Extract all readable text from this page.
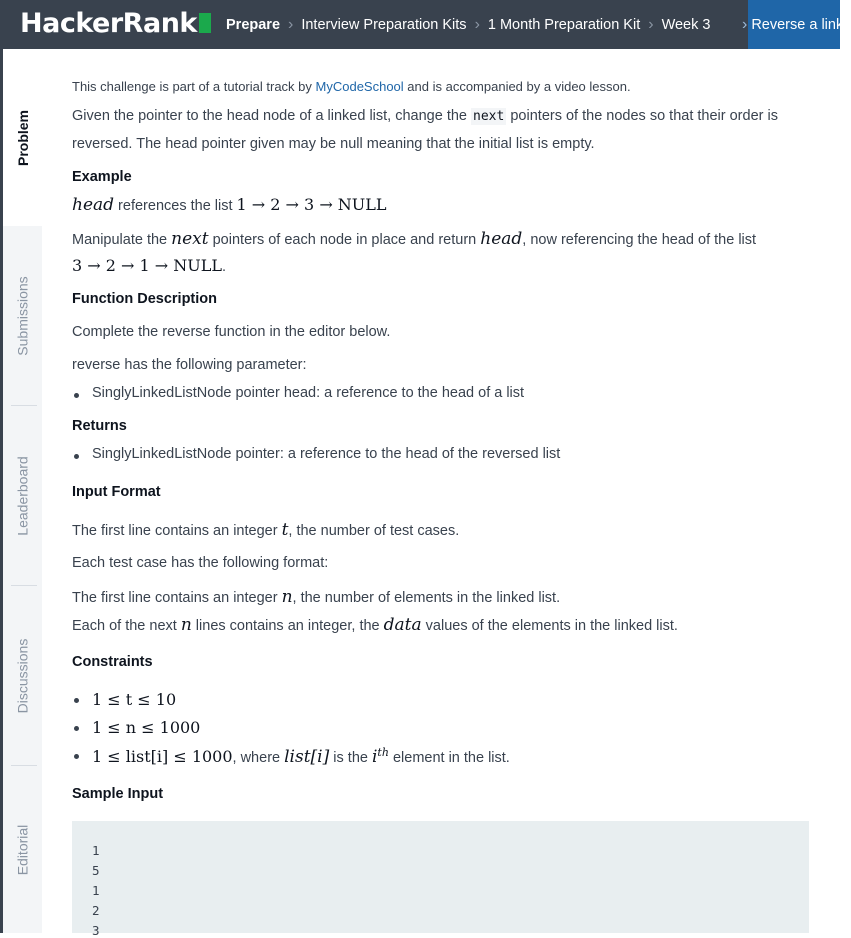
HackerRank	Prepare › Interview Preparation Kits › 1 Month Preparation Kit › Week 3 › Reverse a linke
Problem
Submissions
Leaderboard
Discussions
Editorial
This challenge is part of a tutorial track by MyCodeSchool and is accompanied by a video lesson.
Given the pointer to the head node of a linked list, change the next pointers of the nodes so that their order is
reversed. The head pointer given may be null meaning that the initial list is empty.
Example
head references the list 1 → 2 → 3 → NULL
Manipulate the next pointers of each node in place and return head, now referencing the head of the list
3 → 2 → 1 → NULL.
Function Description
Complete the reverse function in the editor below.
reverse has the following parameter:
SinglyLinkedListNode pointer head: a reference to the head of a list
Returns
SinglyLinkedListNode pointer: a reference to the head of the reversed list
Input Format
The first line contains an integer t, the number of test cases.
Each test case has the following format:
The first line contains an integer n, the number of elements in the linked list.
Each of the next n lines contains an integer, the data values of the elements in the linked list.
Constraints
1 ≤ t ≤ 10
1 ≤ n ≤ 1000
1 ≤ list[i] ≤ 1000, where list[i] is the $i^{th}$ element in the list.
Sample Input
1
5
1
2
3
